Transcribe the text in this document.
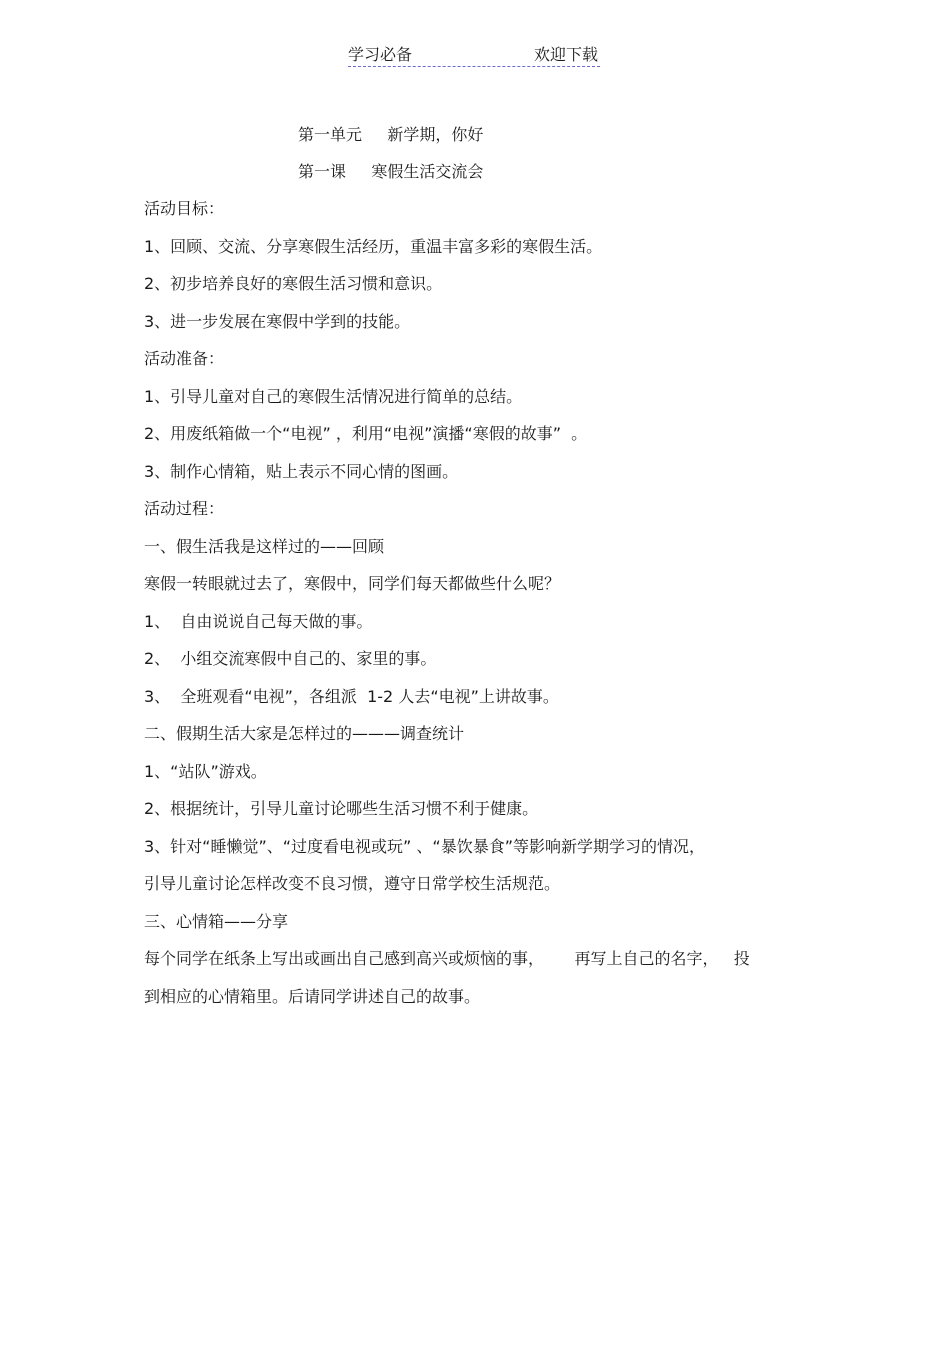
学习必备	欢迎下载
第一单元     新学期，你好
第一课     寒假生活交流会

活动目标：

1、回顾、交流、分享寒假生活经历，重温丰富多彩的寒假生活。

2、初步培养良好的寒假生活习惯和意识。

3、进一步发展在寒假中学到的技能。

活动准备：

1、引导儿童对自己的寒假生活情况进行简单的总结。

2、用废纸箱做一个“电视” ，利用“电视”演播“寒假的故事”  。

3、制作心情箱，贴上表示不同心情的图画。

活动过程：

一、假生活我是这样过的——回顾

寒假一转眼就过去了，寒假中，同学们每天都做些什么呢？

1、  自由说说自己每天做的事。

2、  小组交流寒假中自己的、家里的事。

3、  全班观看“电视”，各组派  1-2 人去“电视”上讲故事。

二、假期生活大家是怎样过的———调查统计

1、“站队”游戏。

2、根据统计，引导儿童讨论哪些生活习惯不利于健康。

3、针对“睡懒觉”、“过度看电视或玩” 、“暴饮暴食”等影响新学期学习的情况，

引导儿童讨论怎样改变不良习惯，遵守日常学校生活规范。

三、心情箱——分享

每个同学在纸条上写出或画出自己感到高兴或烦恼的事，      再写上自己的名字，   投

到相应的心情箱里。后请同学讲述自己的故事。
